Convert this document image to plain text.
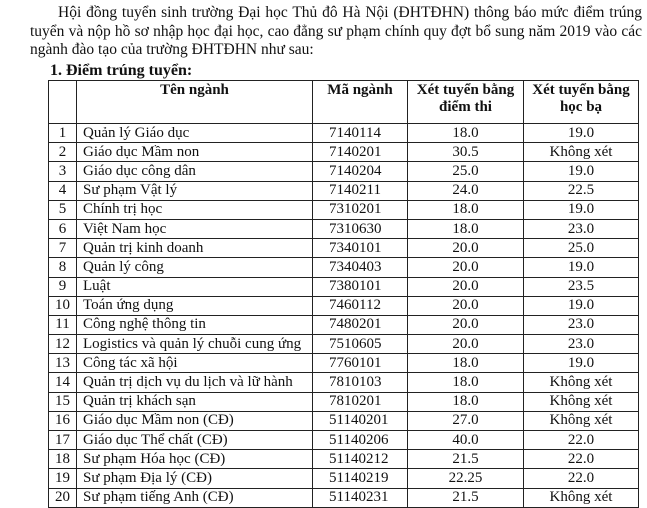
Hội đồng tuyển sinh trường Đại học Thủ đô Hà Nội (ĐHTĐHN) thông báo mức điểm trúng tuyển và nộp hồ sơ nhập học đại học, cao đẳng sư phạm chính quy đợt bổ sung năm 2019 vào các ngành đào tạo của trường ĐHTĐHN như sau:

1. Điểm trúng tuyển:

	Tên ngành	Mã ngành	Xét tuyển bằng điểm thi	Xét tuyển bằng học bạ
1	Quản lý Giáo dục	7140114	18.0	19.0
2	Giáo dục Mầm non	7140201	30.5	Không xét
3	Giáo dục công dân	7140204	25.0	19.0
4	Sư phạm Vật lý	7140211	24.0	22.5
5	Chính trị học	7310201	18.0	19.0
6	Việt Nam học	7310630	18.0	23.0
7	Quản trị kinh doanh	7340101	20.0	25.0
8	Quản lý công	7340403	20.0	19.0
9	Luật	7380101	20.0	23.5
10	Toán ứng dụng	7460112	20.0	19.0
11	Công nghệ thông tin	7480201	20.0	23.0
12	Logistics và quản lý chuỗi cung ứng	7510605	20.0	23.0
13	Công tác xã hội	7760101	18.0	19.0
14	Quản trị dịch vụ du lịch và lữ hành	7810103	18.0	Không xét
15	Quản trị khách sạn	7810201	18.0	Không xét
16	Giáo dục Mầm non (CĐ)	51140201	27.0	Không xét
17	Giáo dục Thể chất (CĐ)	51140206	40.0	22.0
18	Sư phạm Hóa học (CĐ)	51140212	21.5	22.0
19	Sư phạm Địa lý (CĐ)	51140219	22.25	22.0
20	Sư phạm tiếng Anh (CĐ)	51140231	21.5	Không xét
